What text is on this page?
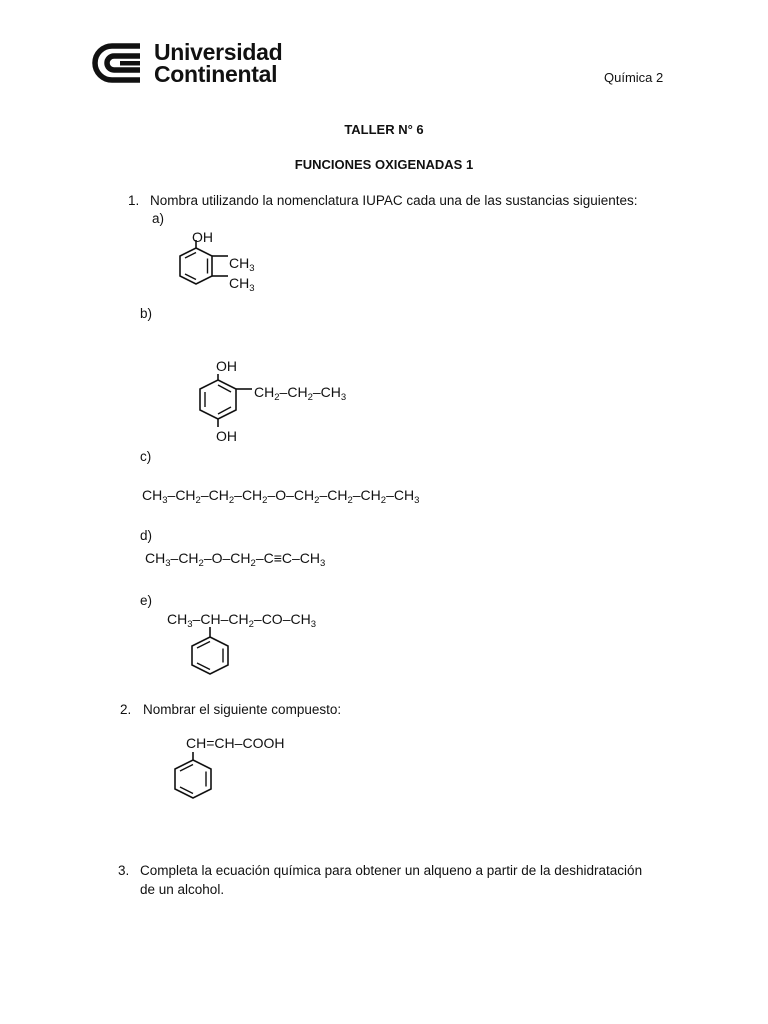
Universidad
Continental	Química 2
TALLER N° 6
FUNCIONES OXIGENADAS 1
1. Nombra utilizando la nomenclatura IUPAC cada una de las sustancias siguientes:
a)
OH
$CH_3$
$CH_3$
b)
OH
OH
$CH_2-CH_2-CH_3$
c)
$CH_3-CH_2-CH_2-CH_2-O-CH_2-CH_2-CH_2-CH_3$
d)
$CH_3-CH_2-O-CH_2-C\equiv C-CH_3$
e)
$CH_3-CH-CH_2-CO-CH_3$
2. Nombrar el siguiente compuesto:
CH=CH–COOH
3. Completa la ecuación química para obtener un alqueno a partir de la deshidratación
de un alcohol.
